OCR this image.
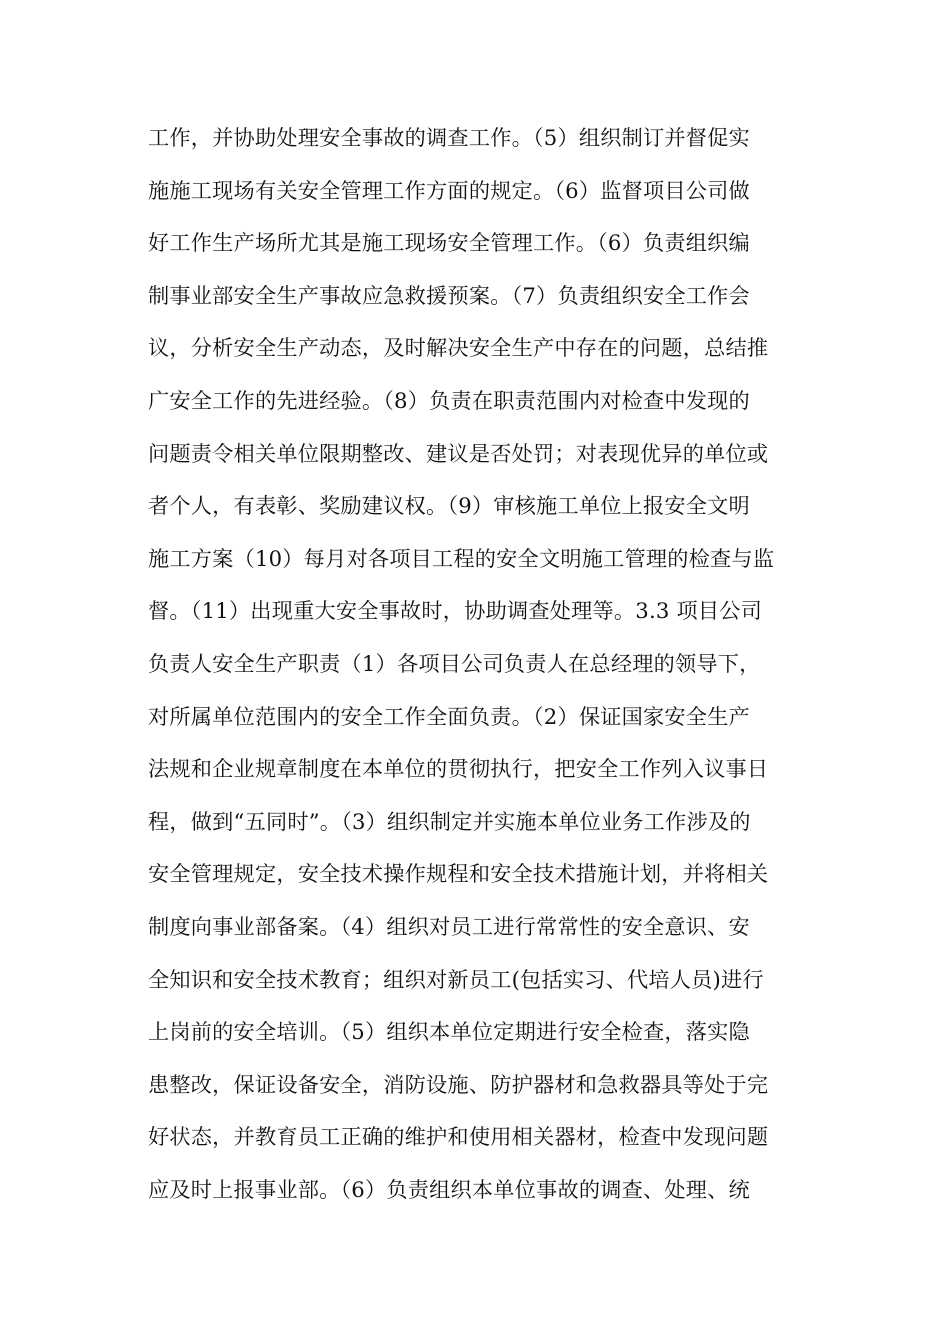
工作，并协助处理安全事故的调查工作。（5）组织制订并督促实
施施工现场有关安全管理工作方面的规定。（6）监督项目公司做
好工作生产场所尤其是施工现场安全管理工作。（6）负责组织编
制事业部安全生产事故应急救援预案。（7）负责组织安全工作会
议，分析安全生产动态，及时解决安全生产中存在的问题，总结推
广安全工作的先进经验。（8）负责在职责范围内对检查中发现的
问题责令相关单位限期整改、建议是否处罚；对表现优异的单位或
者个人，有表彰、奖励建议权。（9）审核施工单位上报安全文明
施工方案（10）每月对各项目工程的安全文明施工管理的检查与监
督。（11）出现重大安全事故时，协助调查处理等。3.3 项目公司
负责人安全生产职责（1）各项目公司负责人在总经理的领导下，
对所属单位范围内的安全工作全面负责。（2）保证国家安全生产
法规和企业规章制度在本单位的贯彻执行，把安全工作列入议事日
程，做到“五同时”。（3）组织制定并实施本单位业务工作涉及的
安全管理规定，安全技术操作规程和安全技术措施计划，并将相关
制度向事业部备案。（4）组织对员工进行常常性的安全意识、安
全知识和安全技术教育；组织对新员工(包括实习、代培人员)进行
上岗前的安全培训。（5）组织本单位定期进行安全检查，落实隐
患整改，保证设备安全，消防设施、防护器材和急救器具等处于完
好状态，并教育员工正确的维护和使用相关器材，检查中发现问题
应及时上报事业部。（6）负责组织本单位事故的调查、处理、统
